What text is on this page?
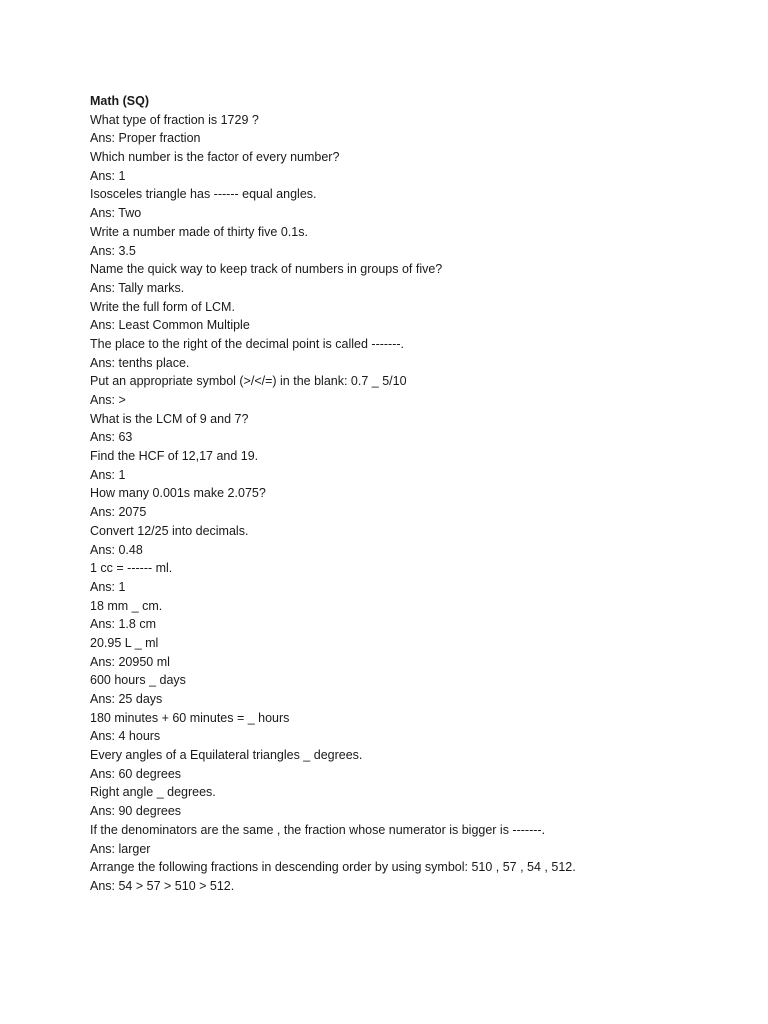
Math (SQ)
What type of fraction is 1729 ?
Ans: Proper fraction
Which number is the factor of every number?
Ans: 1
Isosceles triangle has ------ equal angles.
Ans: Two
Write a number made of thirty five 0.1s.
Ans: 3.5
Name the quick way to keep track of numbers in groups of five?
Ans: Tally marks.
Write the full form of LCM.
Ans: Least Common Multiple
The place to the right of the decimal point is called -------.
Ans: tenths place.
Put an appropriate symbol (>/</=) in the blank: 0.7 _ 5/10
Ans: >
What is the LCM of 9 and 7?
Ans: 63
Find the HCF of 12,17 and 19.
Ans: 1
How many 0.001s make 2.075?
Ans: 2075
Convert 12/25 into decimals.
Ans: 0.48
1 cc = ------ ml.
Ans: 1
18 mm _ cm.
Ans: 1.8 cm
20.95 L _ ml
Ans: 20950 ml
600 hours _ days
Ans: 25 days
180 minutes + 60 minutes = _ hours
Ans: 4 hours
Every angles of a Equilateral triangles _ degrees.
Ans: 60 degrees
Right angle _ degrees.
Ans: 90 degrees
If the denominators are the same , the fraction whose numerator is bigger is -------.
Ans: larger
Arrange the following fractions in descending order by using symbol: 510 , 57 , 54 , 512.
Ans: 54 > 57 > 510 > 512.
